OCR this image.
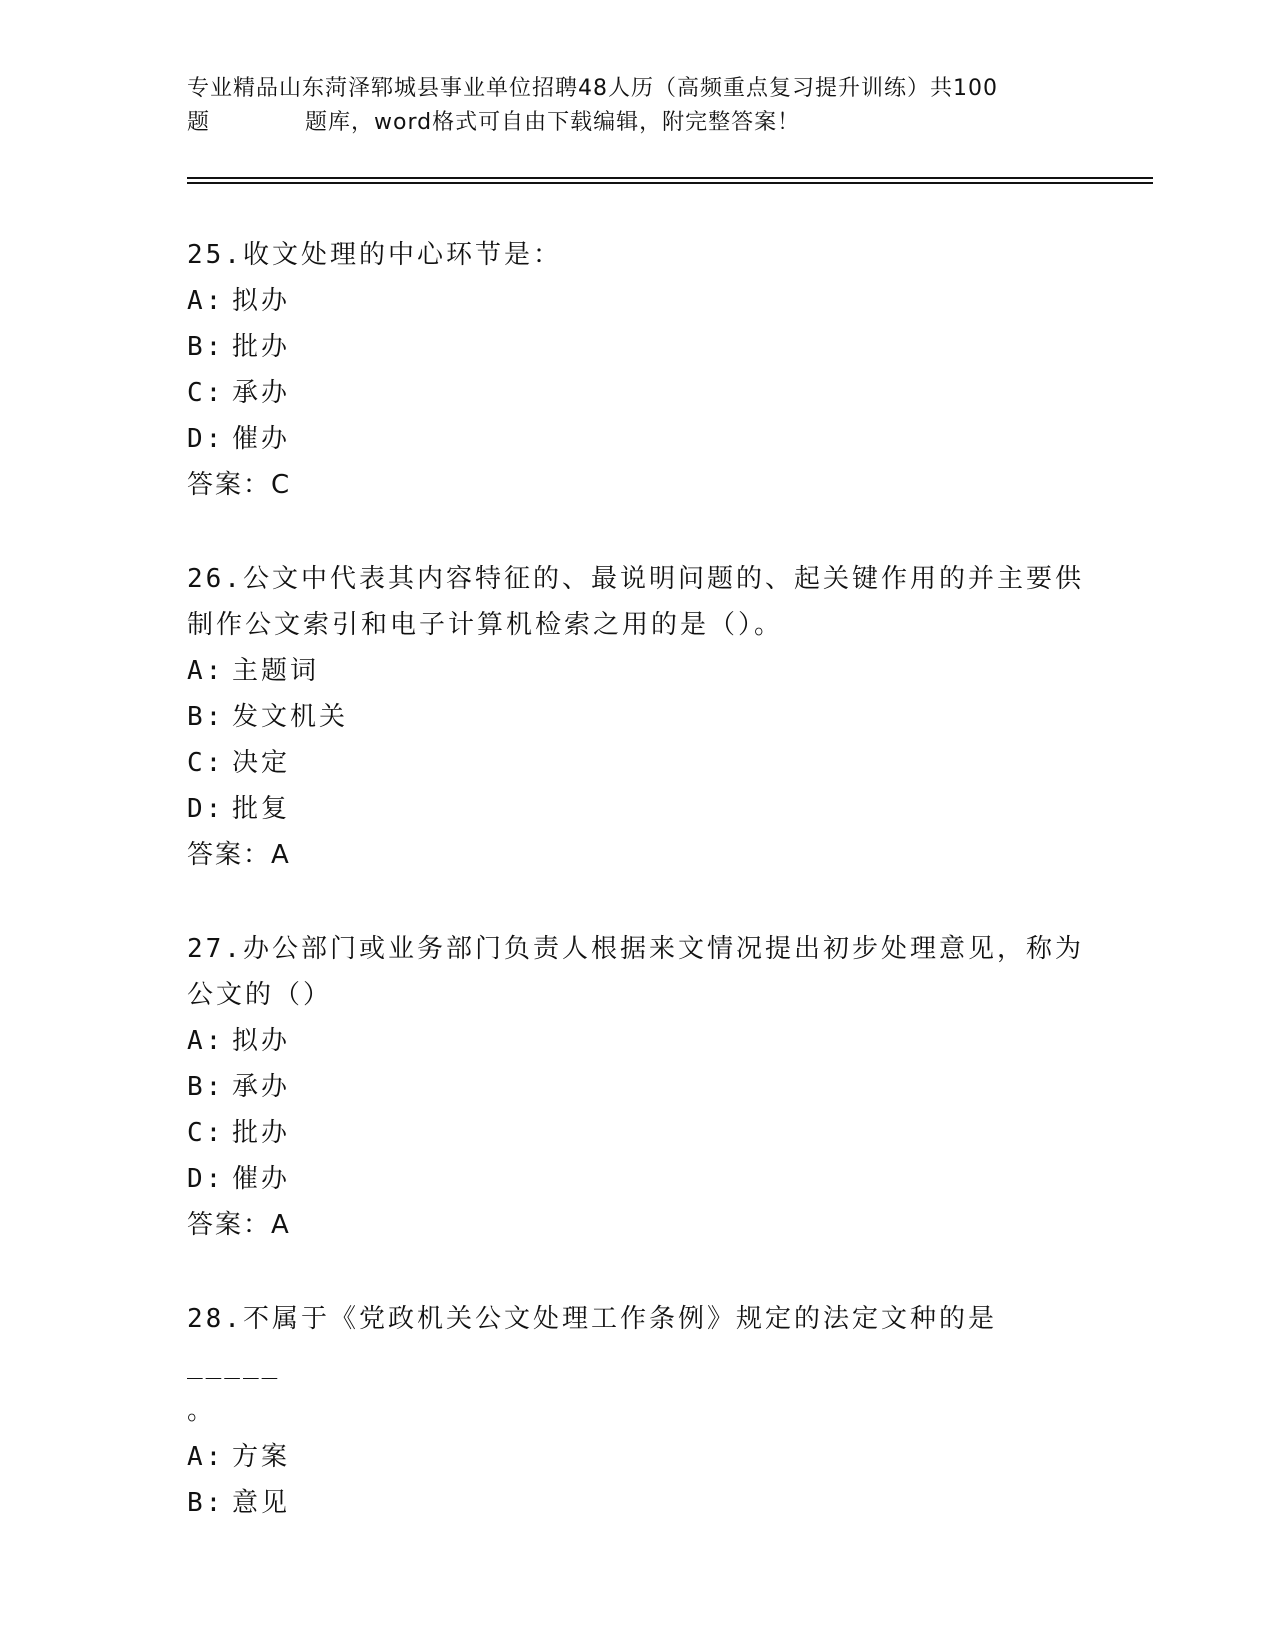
专业精品山东菏泽郓城县事业单位招聘48人历（高频重点复习提升训练）共100
题	题库，word格式可自由下载编辑，附完整答案！
25.收文处理的中心环节是：
A: 拟办
B: 批办
C: 承办
D: 催办
答案：C
26.公文中代表其内容特征的、最说明问题的、起关键作用的并主要供
制作公文索引和电子计算机检索之用的是（）。
A: 主题词
B: 发文机关
C: 决定
D: 批复
答案：A
27.办公部门或业务部门负责人根据来文情况提出初步处理意见，称为
公文的（）
A: 拟办
B: 承办
C: 批办
D: 催办
答案：A
28.不属于《党政机关公文处理工作条例》规定的法定文种的是_____
。
A: 方案
B: 意见
